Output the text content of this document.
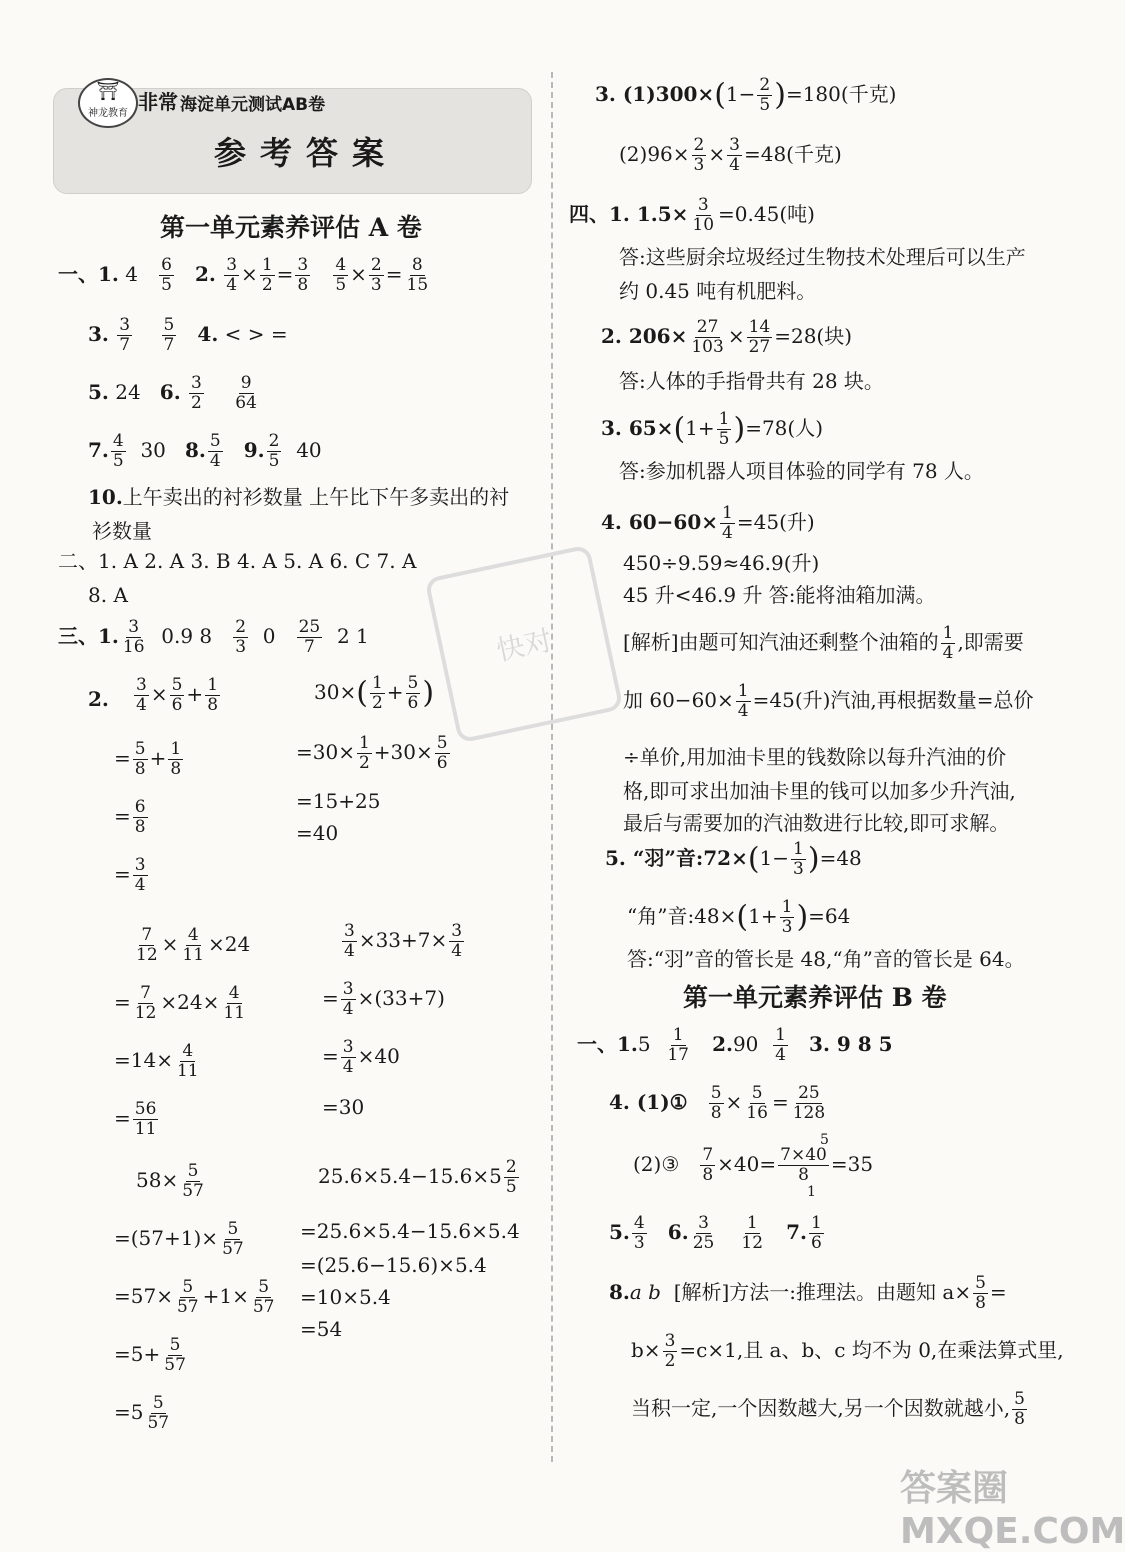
⛩
神龙教育 非常 海淀单元测试AB卷
参考答案
快对
第一单元素养评估 A 卷
一、1. $4 \frac{6}{5} 2$. $\frac{3}{4} \times \frac{1}{2} = \frac{3}{8}$
$\frac{4}{5} \times \frac{2}{3} = \frac{8}{15}$
3. $\frac{3}{7}$
$\frac{5}{7} 4$. < > =
5. 24 6. $\frac{3}{2}$
$\frac{9}{64}$
7. $\frac{4}{5} 30$ 8. $\frac{5}{4} 9$. $\frac{2}{5} 40$
10.上午卖出的衬衫数量 上午比下午多卖出的衬
衫数量
二、1. A 2. A 3. B 4. A 5. A 6. C 7. A
8. A
三、1. $\frac{3}{16} 0.9$ $8 \frac{2}{3} 0 \frac{25}{7} 2$ 1
2. $\frac{3}{4} \times \frac{5}{6} + \frac{1}{8}$
= $\frac{5}{8} + \frac{1}{8}$
= $\frac{6}{8}$
= $\frac{3}{4}$
$30\times( \frac{1}{2} + \frac{5}{6}$ )
$=30\times \frac{1}{2} +30\times \frac{5}{6}$
=15+25
=40
$\frac{7}{12} \times \frac{4}{11} \times 24$
= $\frac{7}{12} \times 24\times \frac{4}{11}$
$=14\times \frac{4}{11}$
= $\frac{56}{11}$
$\frac{3}{4} \times 33+7\times \frac{3}{4}$
= $\frac{3}{4} \times(33+7)$
= $\frac{3}{4} \times 40$
=30
$58\times \frac{5}{57}$
$=(57+1)\times \frac{5}{57}$
$=57\times \frac{5}{57} +1\times \frac{5}{57}$
$=5+ \frac{5}{57}$
$=5 \frac{5}{57}$
$25.6\times 5.4-15.6\times 5 \frac{2}{5}$
=25.6×5.4−15.6×5.4
=(25.6−15.6)×5.4
=10×5.4
=54
3. $(1)300\times(1- \frac{2}{5} )=180$(千克)
$(2)96\times \frac{2}{3} \times \frac{3}{4} =48$(千克)
四、1. $1.5\times \frac{3}{10} =0.45$(吨)
答:这些厨余垃圾经过生物技术处理后可以生产
约 0.45 吨有机肥料。
2. $206\times \frac{27}{103} \times \frac{14}{27} =28$(块)
答:人体的手指骨共有 28 块。
3. $65\times(1+ \frac{1}{5} )=78$(人)
答:参加机器人项目体验的同学有 78 人。
4. $60-60\times \frac{1}{4} =45$(升)
450÷9.59≈46.9(升)
45 升<46.9 升 答:能将油箱加满。
[解析]由题可知汽油还剩整个油箱的 $\frac{1}{4}$ ,即需要
加 $60-60\times \frac{1}{4} =45$(升)汽油,再根据数量=总价
÷单价,用加油卡里的钱数除以每升汽油的价
格,即可求出加油卡里的钱可以加多少升汽油,
最后与需要加的汽油数进行比较,即可求解。
5. “羽”音:72×(1− $\frac{1}{3} )=48$
“角”音:48×(1+ $\frac{1}{3} )=64$
答:“羽”音的管长是 48,“角”音的管长是 64。
第一单元素养评估 B 卷
一、$1.5 \frac{1}{17} 2.90 \frac{1}{4} 3$. 9 8 5
4. (1)① $\frac{5}{8} \times \frac{5}{16} = \frac{25}{128}$
5
(2)③ $\frac{7}{8} \times 40= \frac{7\times 40}{8} =35$
1
5. $\frac{4}{3} 6$. $\frac{3}{25}$
$\frac{1}{12} 7$. $\frac{1}{6}$
8.a b [解析]方法一:推理法。由题知 $a\times \frac{5}{8}$ =
$b\times \frac{3}{2} =c\times 1$,且 a、b、c 均不为 0,在乘法算式里,
当积一定,一个因数越大,另一个因数就越小, $\frac{5}{8}$
答案圈 MXQE.COM
